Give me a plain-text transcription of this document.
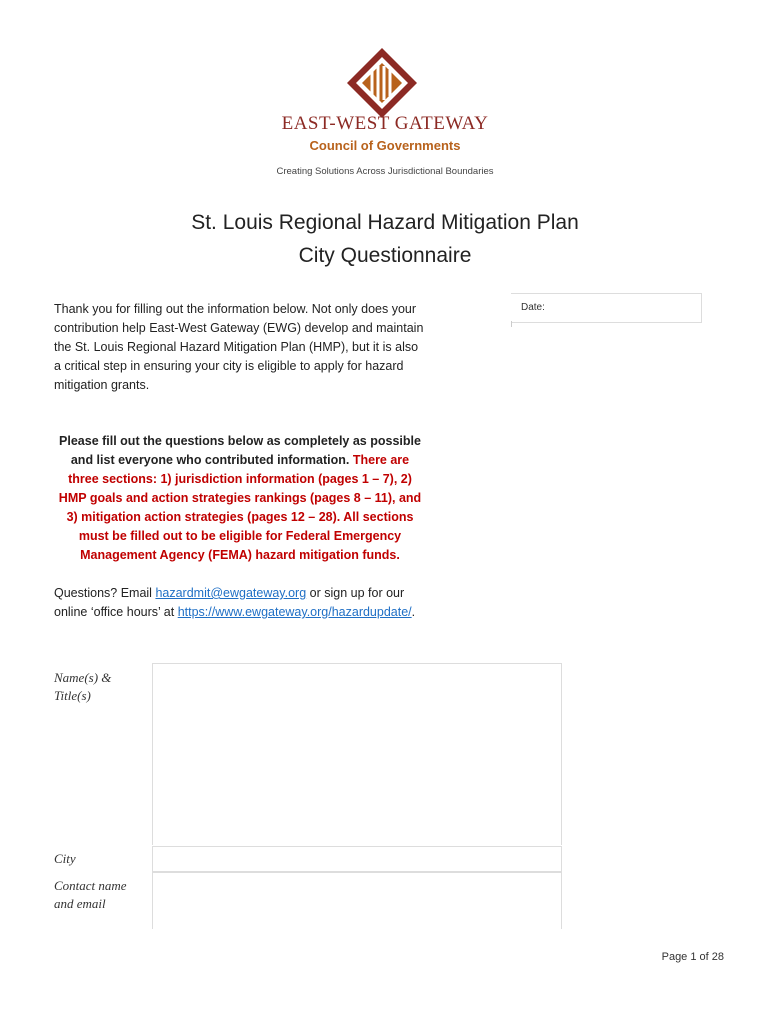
EAST-WEST GATEWAY
Council of Governments
Creating Solutions Across Jurisdictional Boundaries
St. Louis Regional Hazard Mitigation Plan
City Questionnaire
Date:
Thank you for filling out the information below. Not only does your contribution help East-West Gateway (EWG) develop and maintain the St. Louis Regional Hazard Mitigation Plan (HMP), but it is also a critical step in ensuring your city is eligible to apply for hazard mitigation grants.
Please fill out the questions below as completely as possible and list everyone who contributed information. There are three sections: 1) jurisdiction information (pages 1 – 7), 2) HMP goals and action strategies rankings (pages 8 – 11), and 3) mitigation action strategies (pages 12 – 28). All sections must be filled out to be eligible for Federal Emergency Management Agency (FEMA) hazard mitigation funds.
Questions? Email hazardmit@ewgateway.org or sign up for our online ‘office hours’ at https://www.ewgateway.org/hazardupdate/.
Name(s) &
Title(s)
City
Contact name
and email
Page 1 of 28
